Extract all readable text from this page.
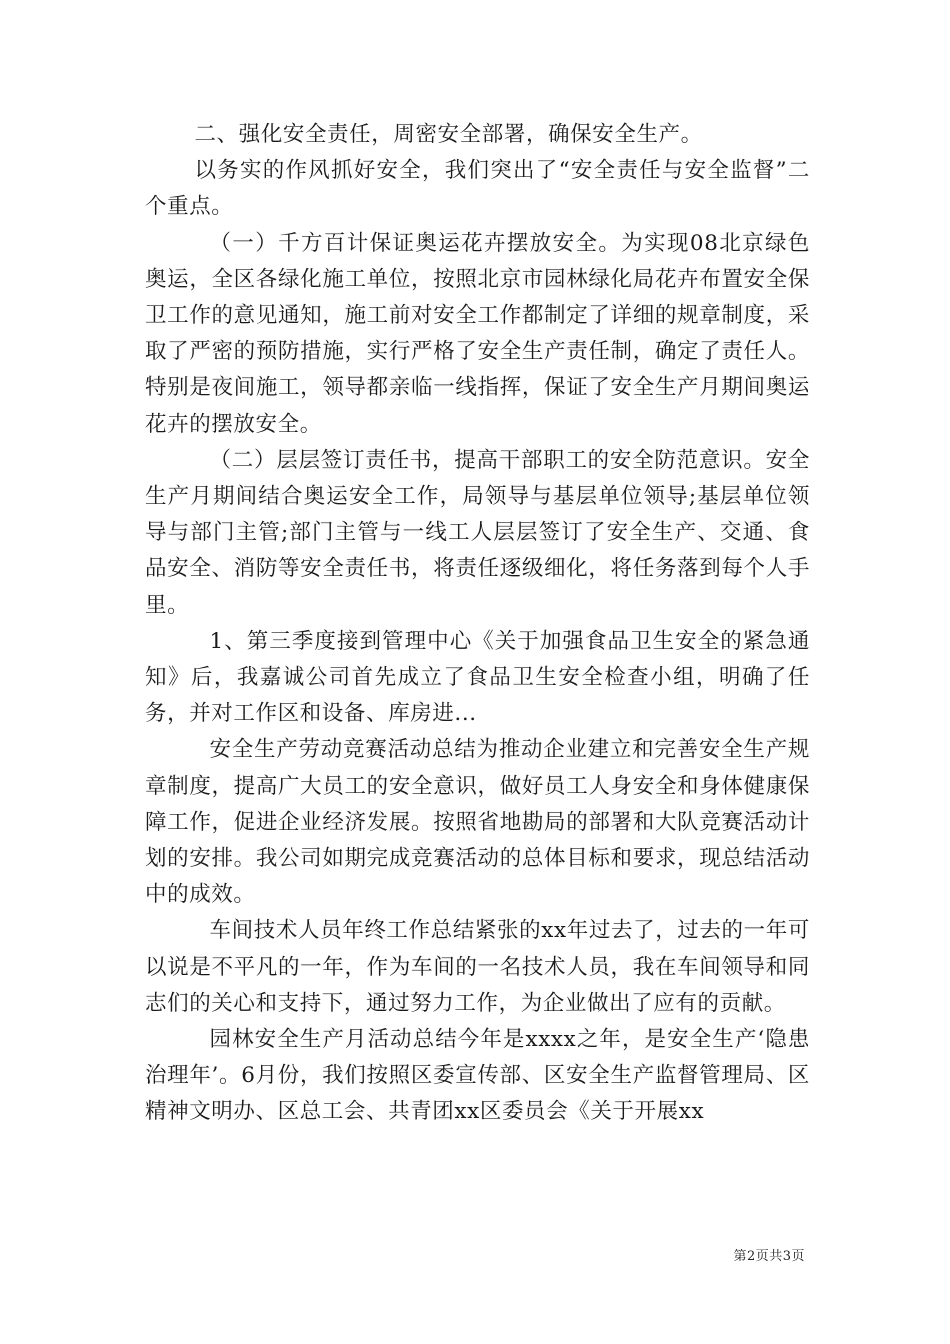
二、强化安全责任，周密安全部署，确保安全生产。

以务实的作风抓好安全，我们突出了“安全责任与安全监督”二个重点。

（一）千方百计保证奥运花卉摆放安全。为实现08北京绿色奥运，全区各绿化施工单位，按照北京市园林绿化局花卉布置安全保卫工作的意见通知，施工前对安全工作都制定了详细的规章制度，采取了严密的预防措施，实行严格了安全生产责任制，确定了责任人。特别是夜间施工，领导都亲临一线指挥，保证了安全生产月期间奥运花卉的摆放安全。

（二）层层签订责任书，提高干部职工的安全防范意识。安全生产月期间结合奥运安全工作，局领导与基层单位领导;基层单位领导与部门主管;部门主管与一线工人层层签订了安全生产、交通、食品安全、消防等安全责任书，将责任逐级细化，将任务落到每个人手里。

1、第三季度接到管理中心《关于加强食品卫生安全的紧急通知》后，我嘉诚公司首先成立了食品卫生安全检查小组，明确了任务，并对工作区和设备、库房进...

安全生产劳动竞赛活动总结为推动企业建立和完善安全生产规章制度，提高广大员工的安全意识，做好员工人身安全和身体健康保障工作，促进企业经济发展。按照省地勘局的部署和大队竞赛活动计划的安排。我公司如期完成竞赛活动的总体目标和要求，现总结活动中的成效。

车间技术人员年终工作总结紧张的xx年过去了，过去的一年可以说是不平凡的一年，作为车间的一名技术人员，我在车间领导和同志们的关心和支持下，通过努力工作，为企业做出了应有的贡献。

园林安全生产月活动总结今年是xxxx之年，是安全生产‘隐患治理年’。6月份，我们按照区委宣传部、区安全生产监督管理局、区精神文明办、区总工会、共青团xx区委员会《关于开展xx

第2页共3页
